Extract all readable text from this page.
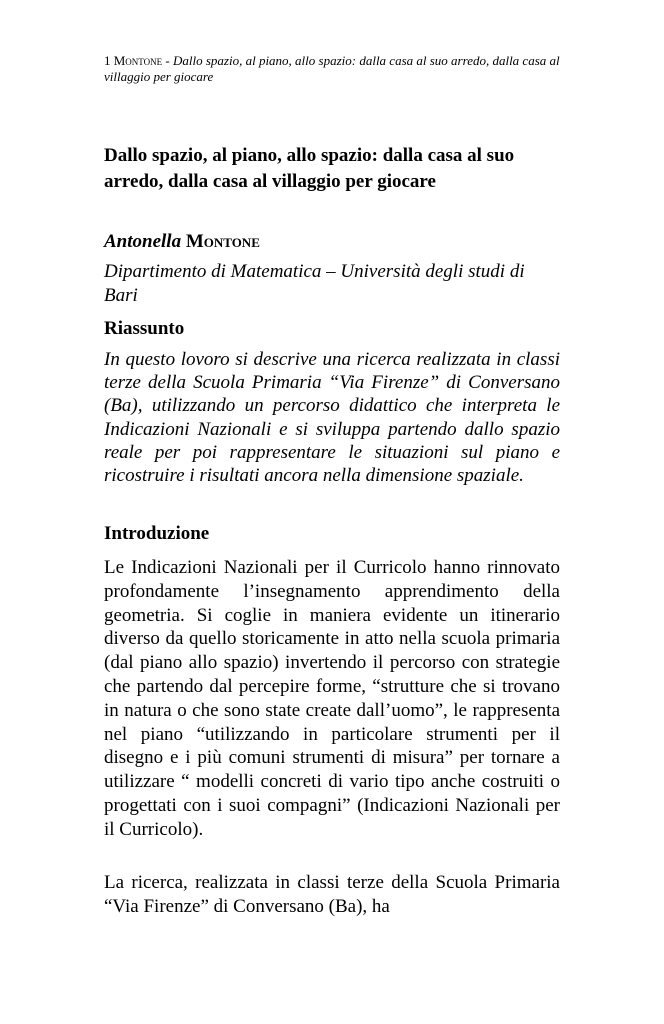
1 Montone - Dallo spazio, al piano, allo spazio: dalla casa al suo arredo, dalla casa al villaggio per giocare
Dallo spazio, al piano, allo spazio: dalla casa al suo arredo, dalla casa al villaggio per giocare

Antonella Montone

Dipartimento di Matematica – Università degli studi di Bari

Riassunto

In questo lovoro si descrive una ricerca realizzata in classi terze della Scuola Primaria “Via Firenze” di Conversano (Ba), utilizzando un percorso didattico che interpreta le Indicazioni Nazionali e si sviluppa partendo dallo spazio reale per poi rappresentare le situazioni sul piano e ricostruire i risultati ancora nella dimensione spaziale.

Introduzione

Le Indicazioni Nazionali per il Curricolo hanno rinnovato profondamente l’insegnamento apprendimento della geometria. Si coglie in maniera evidente un itinerario diverso da quello storicamente in atto nella scuola primaria (dal piano allo spazio) invertendo il percorso con strategie che partendo dal percepire forme, “strutture che si trovano in natura o che sono state create dall’uomo”, le rappresenta nel piano “utilizzando in particolare strumenti per il disegno e i più comuni strumenti di misura” per tornare a utilizzare “ modelli concreti di vario tipo anche costruiti o progettati con i suoi compagni” (Indicazioni Nazionali per il Curricolo).

La ricerca, realizzata in classi terze della Scuola Primaria “Via Firenze” di Conversano (Ba), ha
